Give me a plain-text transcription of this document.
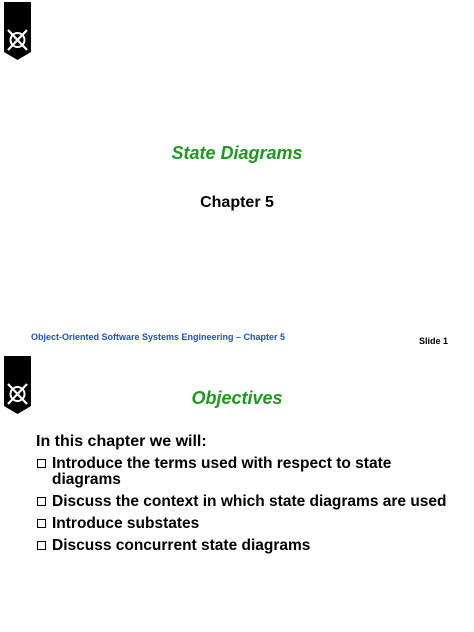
State Diagrams
Chapter 5
Object-Oriented Software Systems Engineering – Chapter 5	Slide 1
Objectives
In this chapter we will:
Introduce the terms used with respect to state diagrams
Discuss the context in which state diagrams are used
Introduce substates
Discuss concurrent state diagrams
